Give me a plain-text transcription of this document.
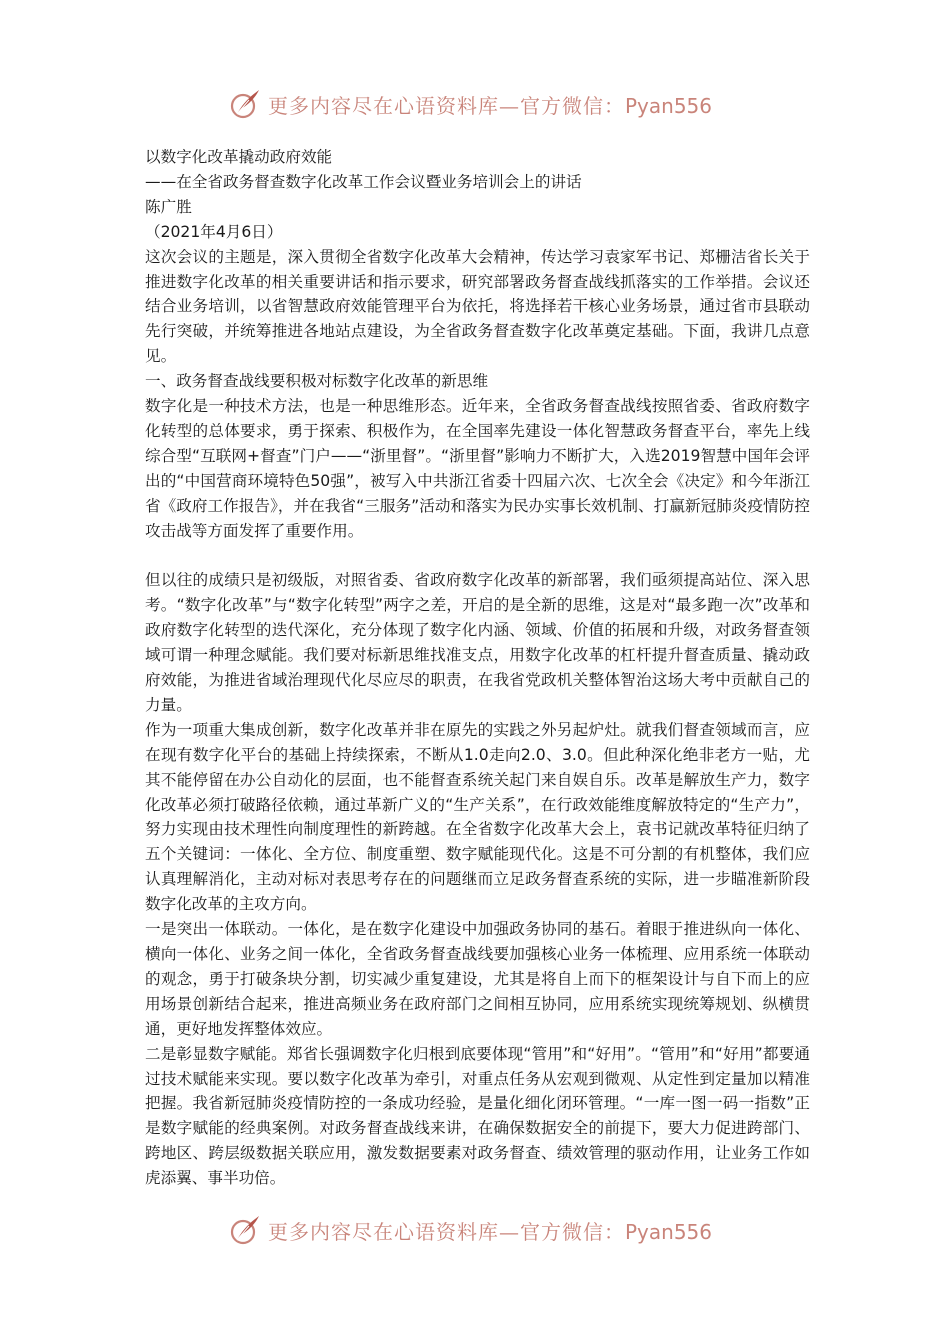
更多内容尽在心语资料库—官方微信：Pyan556

以数字化改革撬动政府效能

——在全省政务督查数字化改革工作会议暨业务培训会上的讲话

陈广胜

（2021年4月6日）

这次会议的主题是，深入贯彻全省数字化改革大会精神，传达学习袁家军书记、郑栅洁省长关于推进数字化改革的相关重要讲话和指示要求，研究部署政务督查战线抓落实的工作举措。会议还结合业务培训，以省智慧政府效能管理平台为依托，将选择若干核心业务场景，通过省市县联动先行突破，并统筹推进各地站点建设，为全省政务督查数字化改革奠定基础。下面，我讲几点意见。

一、政务督查战线要积极对标数字化改革的新思维

数字化是一种技术方法，也是一种思维形态。近年来，全省政务督查战线按照省委、省政府数字化转型的总体要求，勇于探索、积极作为，在全国率先建设一体化智慧政务督查平台，率先上线综合型“互联网+督查”门户——“浙里督”。“浙里督”影响力不断扩大，入选2019智慧中国年会评出的“中国营商环境特色50强”，被写入中共浙江省委十四届六次、七次全会《决定》和今年浙江省《政府工作报告》，并在我省“三服务”活动和落实为民办实事长效机制、打赢新冠肺炎疫情防控攻击战等方面发挥了重要作用。

但以往的成绩只是初级版，对照省委、省政府数字化改革的新部署，我们亟须提高站位、深入思考。“数字化改革”与“数字化转型”两字之差，开启的是全新的思维，这是对“最多跑一次”改革和政府数字化转型的迭代深化，充分体现了数字化内涵、领域、价值的拓展和升级，对政务督查领域可谓一种理念赋能。我们要对标新思维找准支点，用数字化改革的杠杆提升督查质量、撬动政府效能，为推进省域治理现代化尽应尽的职责，在我省党政机关整体智治这场大考中贡献自己的力量。

作为一项重大集成创新，数字化改革并非在原先的实践之外另起炉灶。就我们督查领域而言，应在现有数字化平台的基础上持续探索，不断从1.0走向2.0、3.0。但此种深化绝非老方一贴，尤其不能停留在办公自动化的层面，也不能督查系统关起门来自娱自乐。改革是解放生产力，数字化改革必须打破路径依赖，通过革新广义的“生产关系”，在行政效能维度解放特定的“生产力”，努力实现由技术理性向制度理性的新跨越。在全省数字化改革大会上，袁书记就改革特征归纳了五个关键词：一体化、全方位、制度重塑、数字赋能现代化。这是不可分割的有机整体，我们应认真理解消化，主动对标对表思考存在的问题继而立足政务督查系统的实际，进一步瞄准新阶段数字化改革的主攻方向。

一是突出一体联动。一体化，是在数字化建设中加强政务协同的基石。着眼于推进纵向一体化、横向一体化、业务之间一体化，全省政务督查战线要加强核心业务一体梳理、应用系统一体联动的观念，勇于打破条块分割，切实减少重复建设，尤其是将自上而下的框架设计与自下而上的应用场景创新结合起来，推进高频业务在政府部门之间相互协同，应用系统实现统筹规划、纵横贯通，更好地发挥整体效应。

二是彰显数字赋能。郑省长强调数字化归根到底要体现“管用”和“好用”。“管用”和“好用”都要通过技术赋能来实现。要以数字化改革为牵引，对重点任务从宏观到微观、从定性到定量加以精准把握。我省新冠肺炎疫情防控的一条成功经验，是量化细化闭环管理。“一库一图一码一指数”正是数字赋能的经典案例。对政务督查战线来讲，在确保数据安全的前提下，要大力促进跨部门、跨地区、跨层级数据关联应用，激发数据要素对政务督查、绩效管理的驱动作用，让业务工作如虎添翼、事半功倍。

更多内容尽在心语资料库—官方微信：Pyan556
